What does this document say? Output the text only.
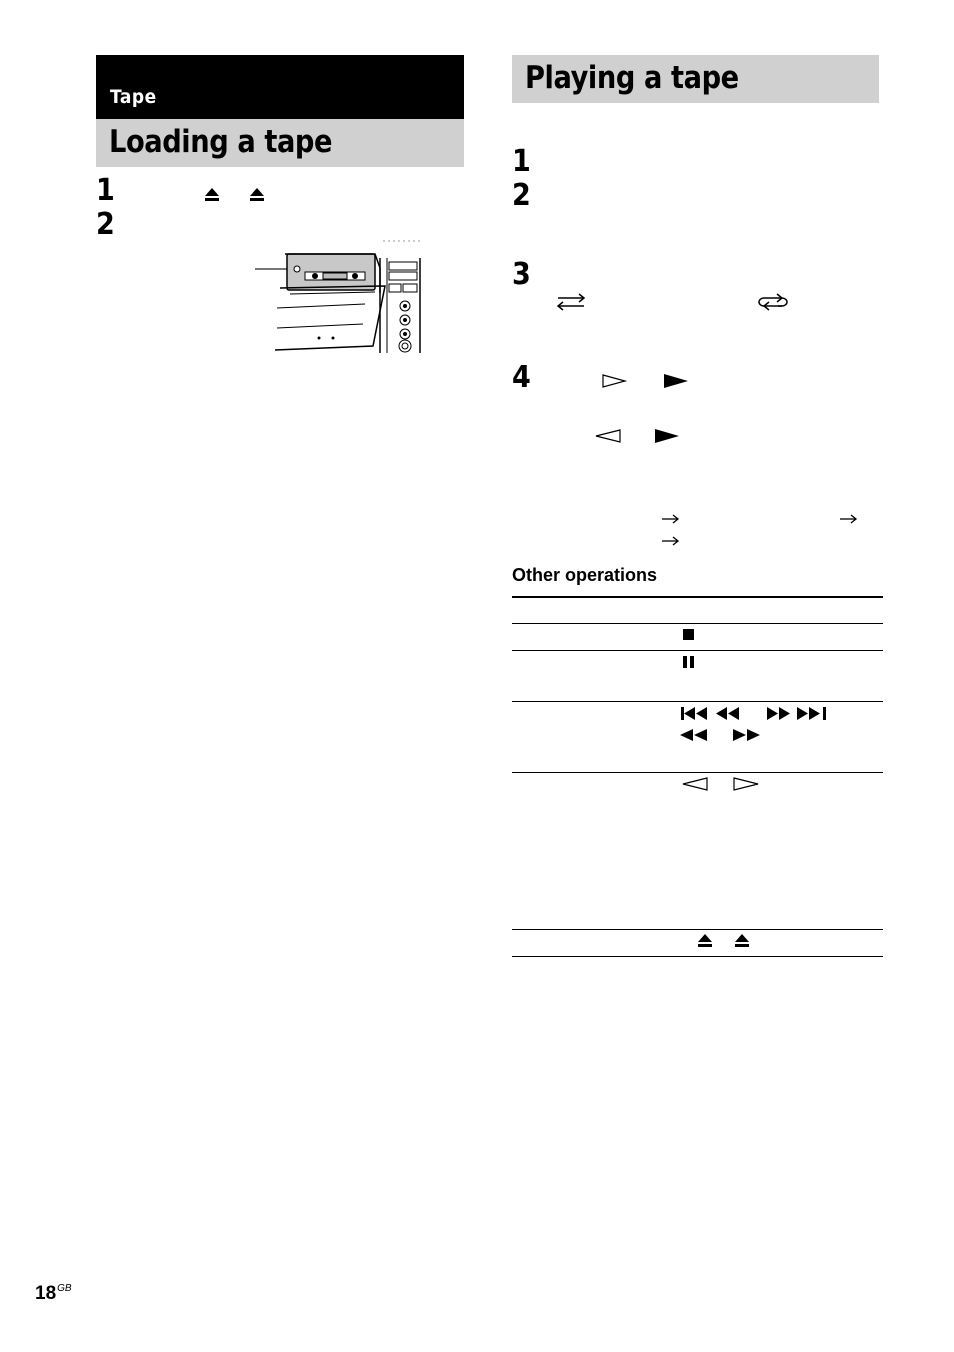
Tape
Loading a tape
1
2
Playing a tape
1
2
3
4
Other operations
$18^{GB}$
